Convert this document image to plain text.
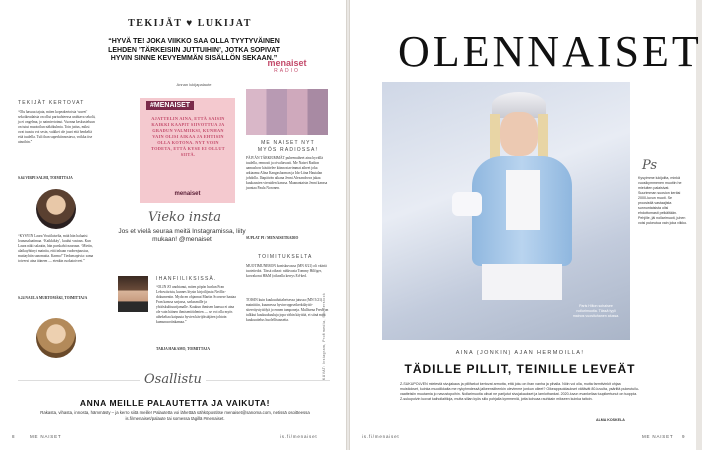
TEKIJÄT ♥ LUKIJAT
“HYVÄ TE! JOKA VIIKKO SAA OLLA TYYTYVÄINEN LEHDEN ’TÄRKEISIIN JUTTUIHIN’, JOTKA SOPIVAT HYVIN SINNE KEVYEMMÄN SISÄLLÖN SEKAAN.”
Annan lukijapalaute
TEKIJÄT KERTOVAT
“Olu hassua tajuta, miten kopeakertoista ‘uuvet’ sekoikeudaista on ollut parisuhteessa urahtava sekolä, ja ei ongelma, jo naimiertoinut. Vuonna keskusteluun on tutut muotoilun näkökulmia. Toin juttus, miksi ovat tuustu voi sesin, vaikkei ole juuri että henkeliä että tuulella. Tuli ihan superkiinnostava, voikka itse ainoihin.”
S.64 VIRPI SALMI, TOIMITTAJA
“KYSYIN Laura Voutilaiselta, mitä hän haluaisi lounasalaatimaa. ‘Kaikkikäy’, kuului vastaus. Kun Laura näki salaatin, hän purskahti nauruun. ‘Mietin, alaikuyhtinyt mainita, että inhaan vuohenjuustoa, muttayhtin sanomatta. Karma!’ Tiedansopivia: sama toiveesi aina itäneen — etenkin ruokatoiveet.”
S.24 NAULA MURTOMÄKI, TOIMITTAJA
#MENAISET
AJATTELIN AINA, ETTÄ SAISIN KAIKKI KAAPIT SIIVOTTUA JA GRADUN VALMIIKSI, KUNHAN VAIN OLISI AIKAA JA EHTISIN OLLA KOTONA. NYT VOIN TODETA, ETTÄ KYSE EI OLLUT SIITÄ.
menaiset
Vieko insta
Jos et vielä seuraa meitä Instagramissa, liity mukaan! @menaiset
IHANFIILIKSISSÄ.
“OLIN JO unohtanut, miten pöpön hurlun Fran Lebowitzista, kunnes löysin kirjoilijasta Netflix-dokumentin. Mydscen ohjannut Martin Scorsese haataa Fran kanssa sarjassa, sarkasmille ja yhtiöskulttuurijamalle. Kaukun ihmisen kanssa ei aina ole vain häinen ihmisentöidenten — se voi olla myös aihekeltaa kaipuuta hyvien kävijöistäjäen johtoin kumunuoriinkamaa.”
TARJA HAKAMO, TOIMITTAJA
menaiset
RADIO
ME NAISET NYT MYÖS RADIOSSA!
PÄIVÄN TÄRKEIMMÄT puheenaiheet aina hyvällä tuulella, rennosti ja oivaltavasti. Me Naiset Radion aamushow käsittelee kiinnostavimmat aiheet joka arkiaamu Alina Kangasluoman ja Ida-Liina Hautalan johdolla. Iltapäivän aikana Jenni Alexandrova jakaa kuukausien vieraiden kanssa. Maanantaisin Jenni kanssa juontaa Paula Noronen.
SUPLAT PI / MENAISETRADIO
TOIMITUKSELTA
MUOTIMUNERON koniskuvassa (MN 8/21) oli vääriä tuotetiedot. Tässä oikeat: rahkvusta Tommy Hilfiger, korvakorut H&M (oikealla kerrys Ed-ked.
TOISIN kuin kuukuuluttaheisessa jutussa (MN 5/21) mainittiin, kuumessa hyvinvoppsetkerkdäyttösiteeritystyttölyä jo ennen tamponeja. Mallisena Fresh on tulkkut kuukuukuuluja jopa vähin käyttöä, ei siinä mitä kuukuuttelus huolellisuuseita.
Osallistu
ANNA MEILLE PALAUTETTA JA VAIKUTA!
Rakasta, vihasta, innosta, hämmästy – ja kerro siitä meille! Palautetta voi lähettää sähköpostitse menaiset@sanoma.com, netissä osoitteessa is.fi/menaiset/palaute tai somessa tägillä #menaiset.
8	ME NAISET	is.fi/menaiset
OLENNAISET
Paris Hilton sohaisee nollurimuotia. Tässä tyyli mainos vuosituhanen alussa.
Ps
Kysyimme lukijoilta, minkä vuosikymmenen muotiin he mieluiten palaisivat. Suurimman suosion keräsi 2000-luvun muoti. Se proosistiä vastaajista sunnuntaisista olisi ehdottomasti pelkältään. Pehjille, jäi nollarimuoti, juhen voisi pukeutua vain joka viikko.
AINA (JONKIN) AJAN HERMOILLA!
TÄDILLE PILLIT, TEINILLE LEVEÄT
Z-SUKUPOLVEN mielestä sivujakaus ja pillifarkut kertovat armotta, että joku on ihan vanha ja pihalla. Nöin voi olla, mutta farmitvinkit ohjaa muistiokset, kuinka muodikkaita me nykyhmdessä jalkeensiihenkin olevimme jonkun olleet? Oikeappsoidaukset vältävät 80-luvulta, ysäriltä pukeutuiluvaatteisiin muutamia jo navustopoihin. Nollarimuotia olivat ne parijutut sivujakaukset ja lamlothankat. 2020-luvun evankeliaa tuupikertunut on tuoppia. Z-sukupolvin luovat kaihoilaitiloja, mutta sillan kyös siilo pohjalla kymmeniä, jotta kohoaa rauhkain mikseen kuinka taitoin.
ALMA KOSKELA
KUVAT: Instagram, Profimedia, Shutterstock
is.fi/menaiset	ME NAISET 9
